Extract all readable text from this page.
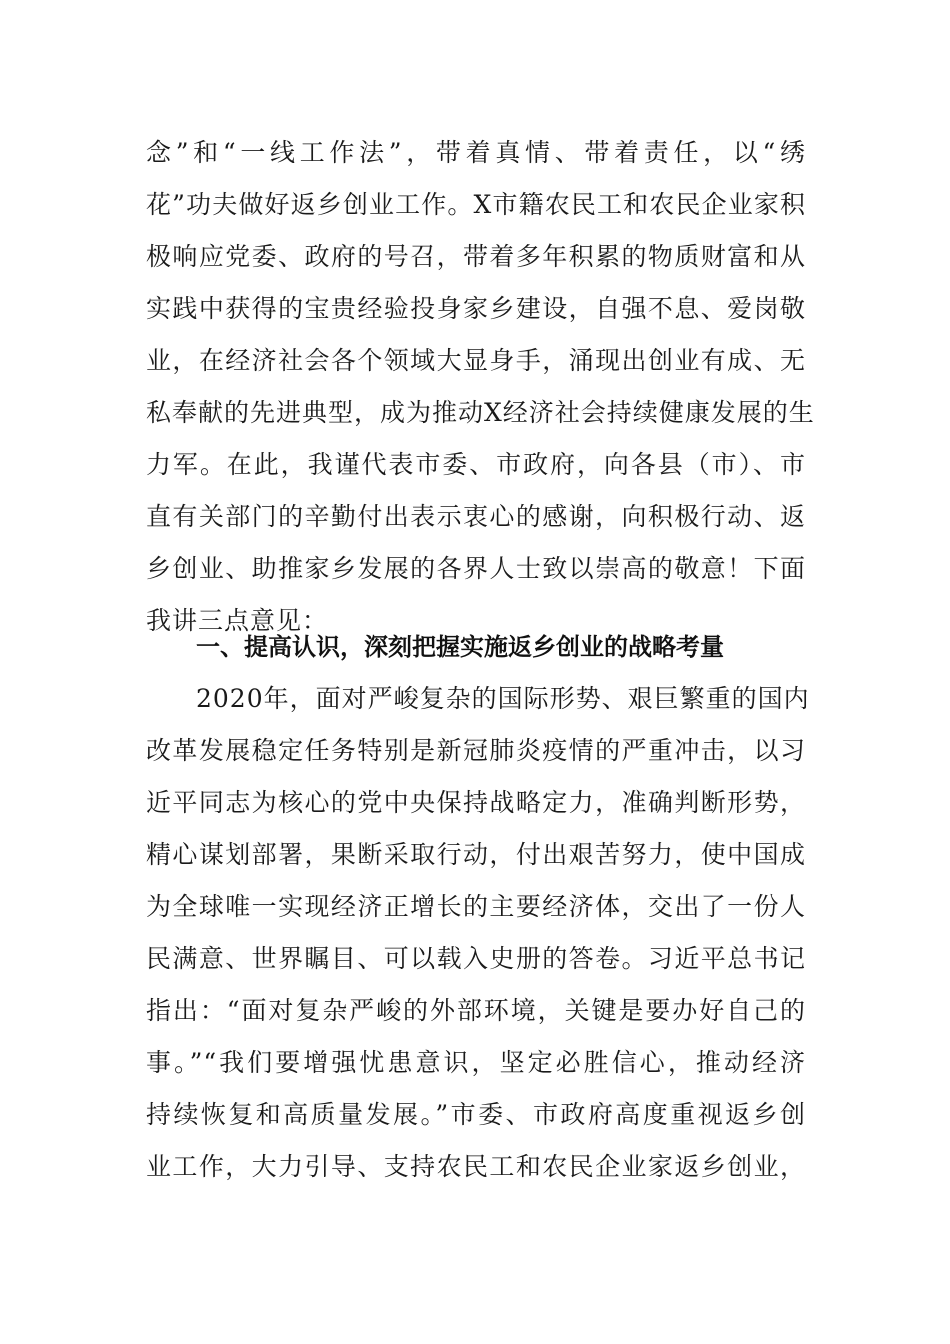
念”和“一线工作法”，带着真情、带着责任，以“绣
花”功夫做好返乡创业工作。X市籍农民工和农民企业家积
极响应党委、政府的号召，带着多年积累的物质财富和从
实践中获得的宝贵经验投身家乡建设，自强不息、爱岗敬
业，在经济社会各个领域大显身手，涌现出创业有成、无
私奉献的先进典型，成为推动X经济社会持续健康发展的生
力军。在此，我谨代表市委、市政府，向各县（市）、市
直有关部门的辛勤付出表示衷心的感谢，向积极行动、返
乡创业、助推家乡发展的各界人士致以崇高的敬意！下面
我讲三点意见：
一、提高认识，深刻把握实施返乡创业的战略考量
2020年，面对严峻复杂的国际形势、艰巨繁重的国内
改革发展稳定任务特别是新冠肺炎疫情的严重冲击，以习
近平同志为核心的党中央保持战略定力，准确判断形势，
精心谋划部署，果断采取行动，付出艰苦努力，使中国成
为全球唯一实现经济正增长的主要经济体，交出了一份人
民满意、世界瞩目、可以载入史册的答卷。习近平总书记
指出：“面对复杂严峻的外部环境，关键是要办好自己的
事。”“我们要增强忧患意识，坚定必胜信心，推动经济
持续恢复和高质量发展。”市委、市政府高度重视返乡创
业工作，大力引导、支持农民工和农民企业家返乡创业，
